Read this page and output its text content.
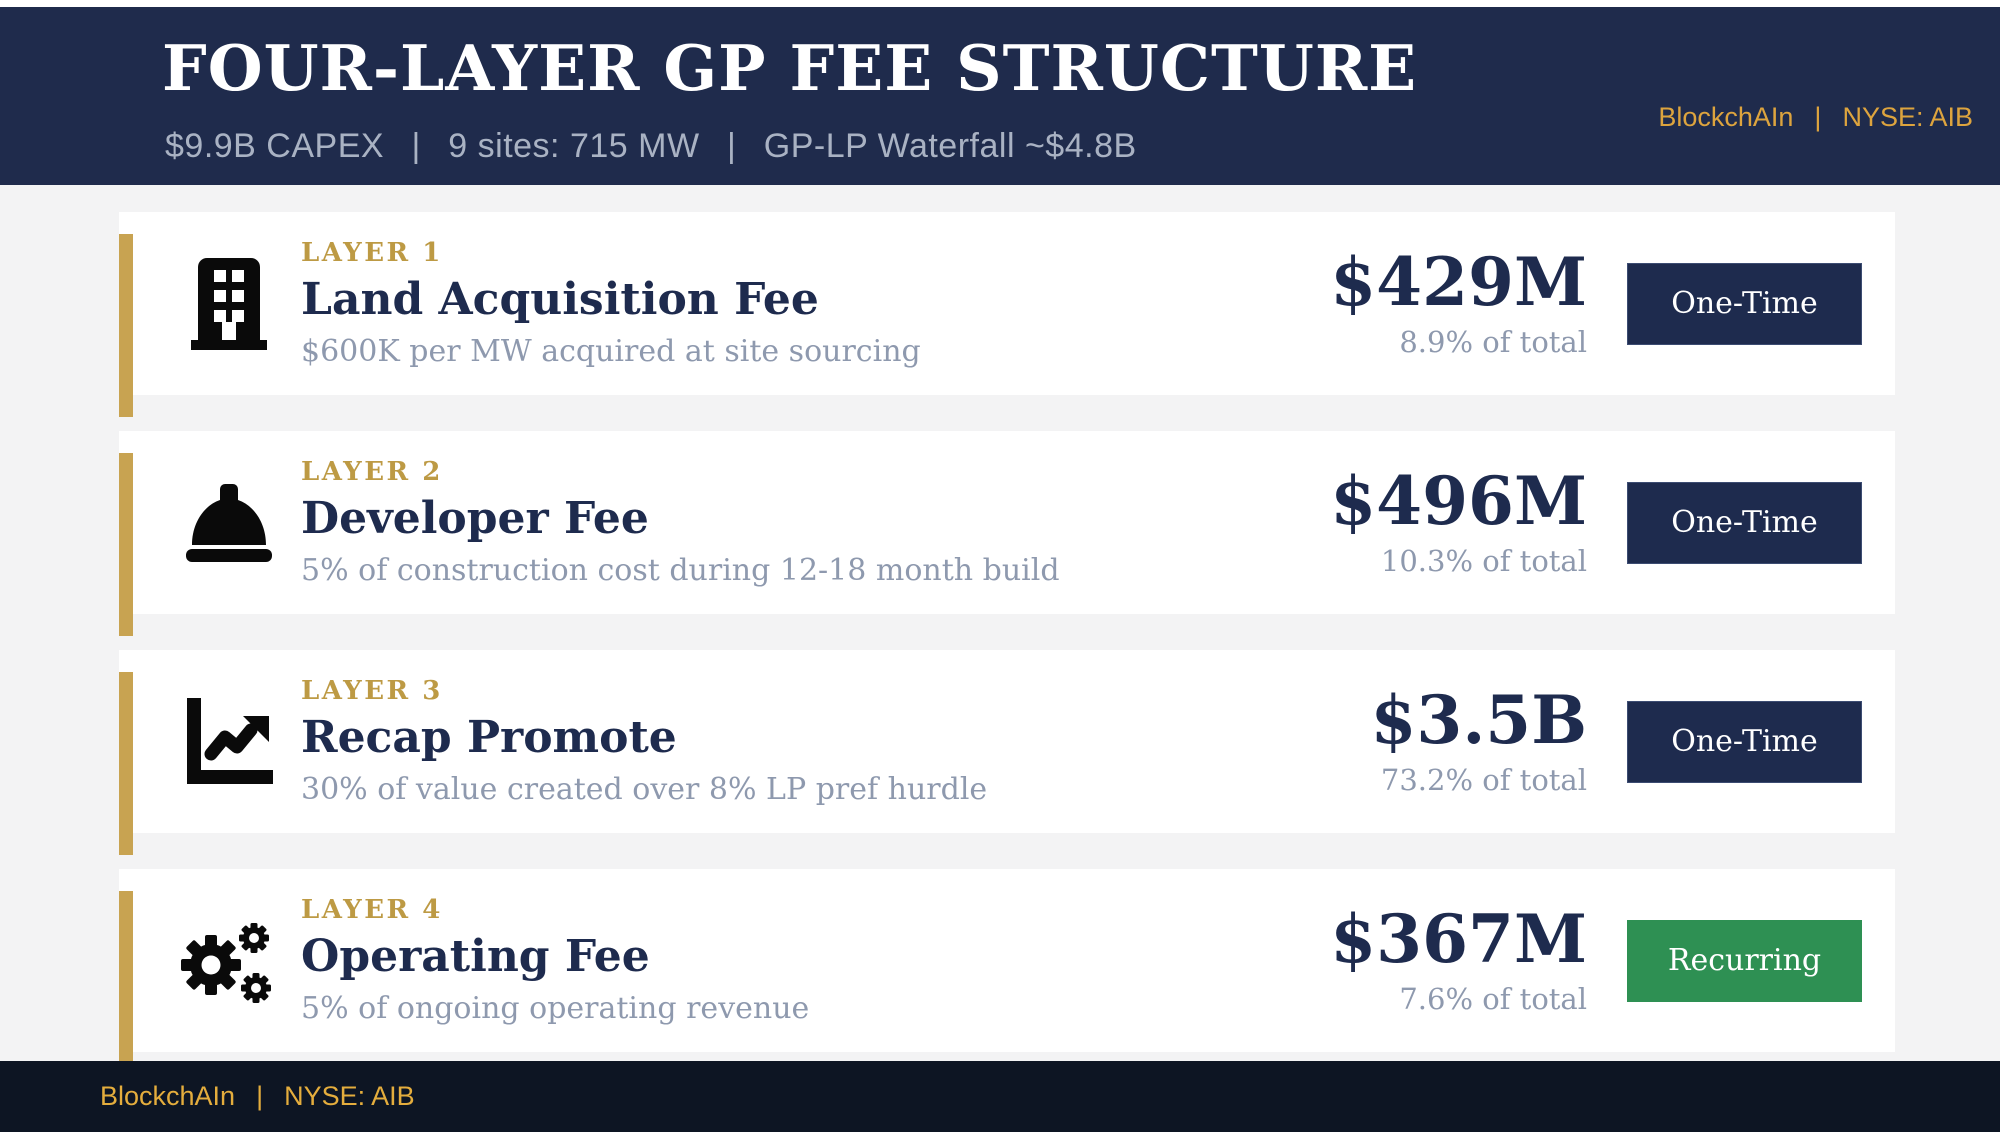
FOUR-LAYER GP FEE STRUCTURE
$9.9B CAPEX  |  9 sites: 715 MW  |  GP-LP Waterfall ~$4.8B
BlockchAIn  |  NYSE: AIB
LAYER 1
Land Acquisition Fee
$600K per MW acquired at site sourcing
$429M
8.9% of total
One-Time
LAYER 2
Developer Fee
5% of construction cost during 12-18 month build
$496M
10.3% of total
One-Time
LAYER 3
Recap Promote
30% of value created over 8% LP pref hurdle
$3.5B
73.2% of total
One-Time
LAYER 4
Operating Fee
5% of ongoing operating revenue
$367M
7.6% of total
Recurring
BlockchAIn  |  NYSE: AIB
